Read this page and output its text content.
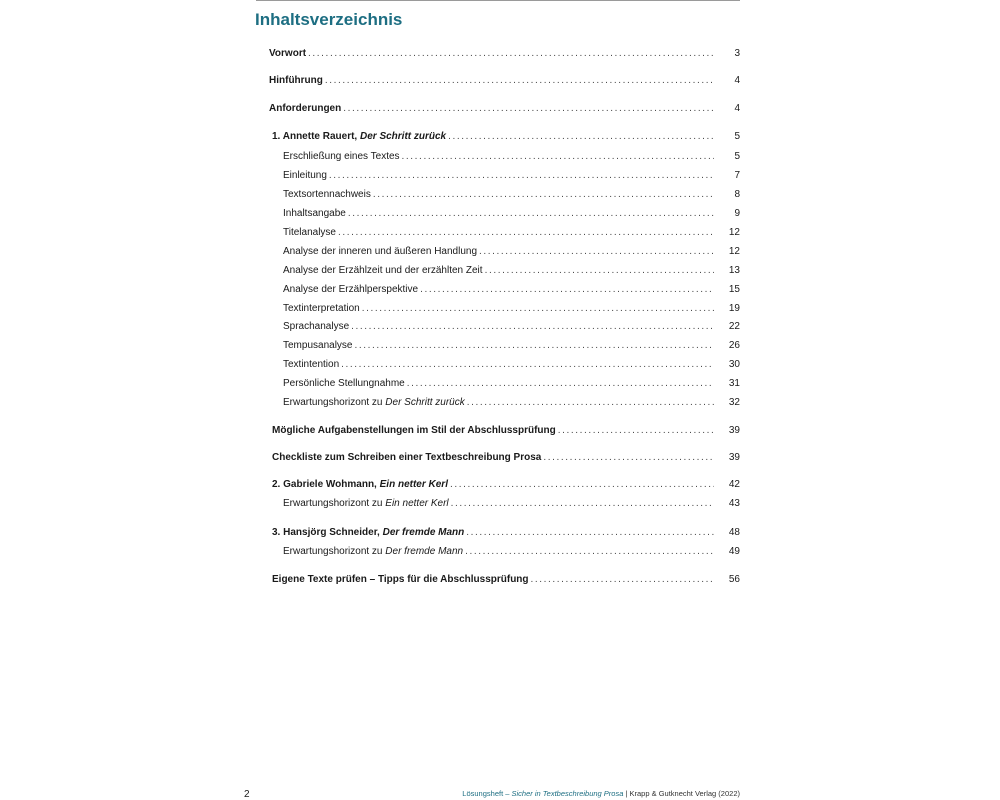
Inhaltsverzeichnis
Vorwort .....	3
Hinführung .....	4
Anforderungen .....	4
1. Annette Rauert, Der Schritt zurück .....	5
Erschließung eines Textes .....	5
Einleitung .....	7
Textsortennachweis .....	8
Inhaltsangabe .....	9
Titelanalyse .....	12
Analyse der inneren und äußeren Handlung .....	12
Analyse der Erzählzeit und der erzählten Zeit .....	13
Analyse der Erzählperspektive .....	15
Textinterpretation .....	19
Sprachanalyse .....	22
Tempusanalyse .....	26
Textintention .....	30
Persönliche Stellungnahme .....	31
Erwartungshorizont zu Der Schritt zurück .....	32
Mögliche Aufgabenstellungen im Stil der Abschlussprüfung .....	39
Checkliste zum Schreiben einer Textbeschreibung Prosa .....	39
2. Gabriele Wohmann, Ein netter Kerl .....	42
Erwartungshorizont zu Ein netter Kerl .....	43
3. Hansjörg Schneider, Der fremde Mann .....	48
Erwartungshorizont zu Der fremde Mann .....	49
Eigene Texte prüfen – Tipps für die Abschlussprüfung .....	56
2	Lösungsheft – Sicher in Textbeschreibung Prosa | Krapp & Gutknecht Verlag (2022)
